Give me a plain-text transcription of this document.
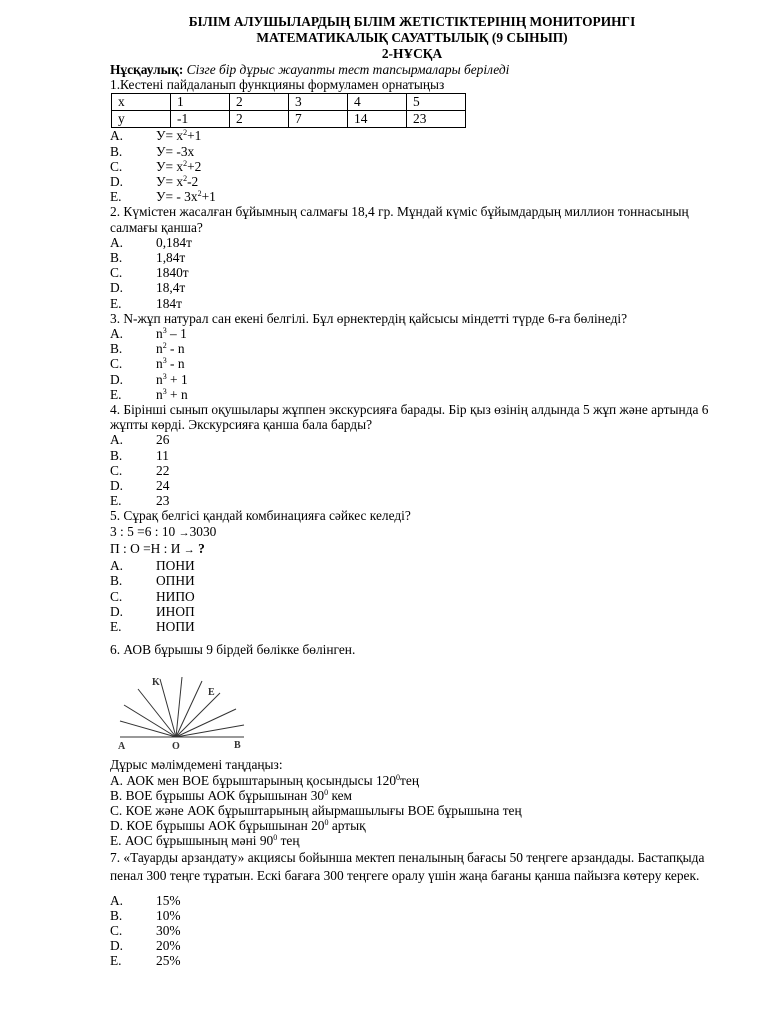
БІЛІМ АЛУШЫЛАРДЫҢ БІЛІМ ЖЕТІСТІКТЕРІНІҢ МОНИТОРИНГІ
МАТЕМАТИКАЛЫҚ САУАТТЫЛЫҚ (9 СЫНЫП)
2-НҰСҚА
Нұсқаулық: Сізге бір дұрыс жауапты тест тапсырмалары беріледі
1.Кестені пайдаланып функцияны формуламен орнатыңыз
x	1	2	3	4	5
y	-1	2	7	14	23
A.	$У= x^2+1$
B.	У= -3x
C.	$У= x^2+2$
D.	$У= x^2-2$
E.	$У= - 3x^2+1$
2. Күмістен жасалған бұйымның салмағы 18,4 гр. Мұндай күміс бұйымдардың миллион тоннасының салмағы қанша?
A.	0,184т
B.	1,84т
C.	1840т
D.	18,4т
E.	184т
3. N-жұп натурал сан екені белгілі. Бұл өрнектердің қайсысы міндетті түрде 6-ға бөлінеді?
A.	$n^3 - 1$
B.	$n^2$ - n
C.	$n^3$ - n
D.	$n^3 + 1$
E.	$n^3 + n$
4. Бірінші сынып оқушылары жұппен экскурсияға барады. Бір қыз өзінің алдында 5 жұп және артында 6 жұпты көрді. Экскурсияға қанша бала барды?
A.	26
B.	11
C.	22
D.	24
E.	23
5. Сұрақ белгісі қандай комбинацияға сәйкес келеді?
3 : 5 =6 : 10 →3030
П : О =Н : И → ?
A.	ПОНИ
B.	ОПНИ
C.	НИПО
D.	ИНОП
E.	НОПИ
6. АОВ бұрышы 9 бірдей бөлікке бөлінген.
A	O	B
K
E
Дұрыс мәлімдемені таңдаңыз:
A. АОК мен ВОЕ бұрыштарының қосындысы $120^0тең$
B. ВОЕ бұрышы АОК бұрышынан $30^0$ кем
C. КОЕ және АОК бұрыштарының айырмашылығы ВОЕ бұрышына тең
D. КОЕ бұрышы АОК бұрышынан $20^0$ артық
E. АОС бұрышының мәні $90^0$ тең
7. «Тауарды арзандату» акциясы бойынша мектеп пеналының бағасы 50 теңгеге арзандады. Бастапқыда пенал 300 теңге тұратын. Ескі бағаға 300 теңгеге оралу үшін жаңа бағаны қанша пайызға көтеру керек.
A.	15%
B.	10%
C.	30%
D.	20%
E.	25%
